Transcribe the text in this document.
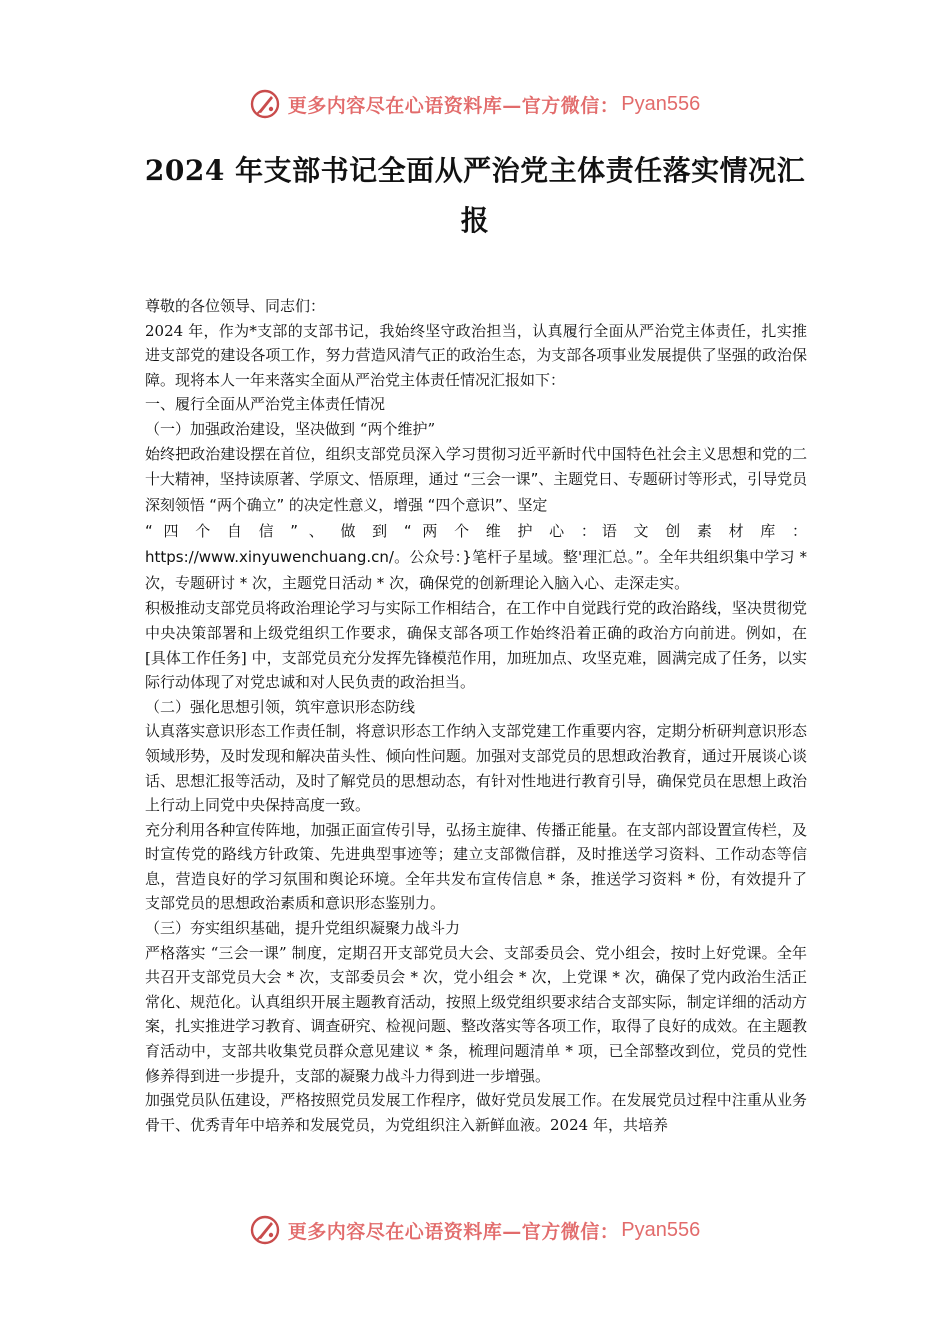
更多内容尽在心语资料库—官方微信： Pyan556
2024 年支部书记全面从严治党主体责任落实情况汇报

尊敬的各位领导、同志们：

2024 年，作为*支部的支部书记，我始终坚守政治担当，认真履行全面从严治党主体责任，扎实推进支部党的建设各项工作，努力营造风清气正的政治生态，为支部各项事业发展提供了坚强的政治保障。现将本人一年来落实全面从严治党主体责任情况汇报如下：

一、履行全面从严治党主体责任情况

（一）加强政治建设，坚决做到 “两个维护”

始终把政治建设摆在首位，组织支部党员深入学习贯彻习近平新时代中国特色社会主义思想和党的二十大精神，坚持读原著、学原文、悟原理，通过 “三会一课”、主题党日、专题研讨等形式，引导党员深刻领悟 “两个确立” 的决定性意义，增强 “四个意识”、坚定

“ 四 个 自 信 ” 、 做 到 “ 两 个 维 护 心 ：语 文 创 素 材 库 ：

https://www.xinyuwenchuang.cn/。公众号：}笔杆子星域。整'理汇总。”。全年共组织集中学习 * 次，专题研讨 * 次，主题党日活动 * 次，确保党的创新理论入脑入心、走深走实。

积极推动支部党员将政治理论学习与实际工作相结合，在工作中自觉践行党的政治路线，坚决贯彻党中央决策部署和上级党组织工作要求，确保支部各项工作始终沿着正确的政治方向前进。例如，在 [具体工作任务] 中，支部党员充分发挥先锋模范作用，加班加点、攻坚克难，圆满完成了任务，以实际行动体现了对党忠诚和对人民负责的政治担当。

（二）强化思想引领，筑牢意识形态防线

认真落实意识形态工作责任制，将意识形态工作纳入支部党建工作重要内容，定期分析研判意识形态领域形势，及时发现和解决苗头性、倾向性问题。加强对支部党员的思想政治教育，通过开展谈心谈话、思想汇报等活动，及时了解党员的思想动态，有针对性地进行教育引导，确保党员在思想上政治上行动上同党中央保持高度一致。

充分利用各种宣传阵地，加强正面宣传引导，弘扬主旋律、传播正能量。在支部内部设置宣传栏，及时宣传党的路线方针政策、先进典型事迹等；建立支部微信群，及时推送学习资料、工作动态等信息，营造良好的学习氛围和舆论环境。全年共发布宣传信息 * 条，推送学习资料 * 份，有效提升了支部党员的思想政治素质和意识形态鉴别力。

（三）夯实组织基础，提升党组织凝聚力战斗力

严格落实 “三会一课” 制度，定期召开支部党员大会、支部委员会、党小组会，按时上好党课。全年共召开支部党员大会 * 次，支部委员会 * 次，党小组会 * 次，上党课 * 次，确保了党内政治生活正常化、规范化。认真组织开展主题教育活动，按照上级党组织要求结合支部实际，制定详细的活动方案，扎实推进学习教育、调查研究、检视问题、整改落实等各项工作，取得了良好的成效。在主题教育活动中，支部共收集党员群众意见建议 * 条，梳理问题清单 * 项，已全部整改到位，党员的党性修养得到进一步提升，支部的凝聚力战斗力得到进一步增强。

加强党员队伍建设，严格按照党员发展工作程序，做好党员发展工作。在发展党员过程中注重从业务骨干、优秀青年中培养和发展党员，为党组织注入新鲜血液。2024 年，共培养

更多内容尽在心语资料库—官方微信： Pyan556
